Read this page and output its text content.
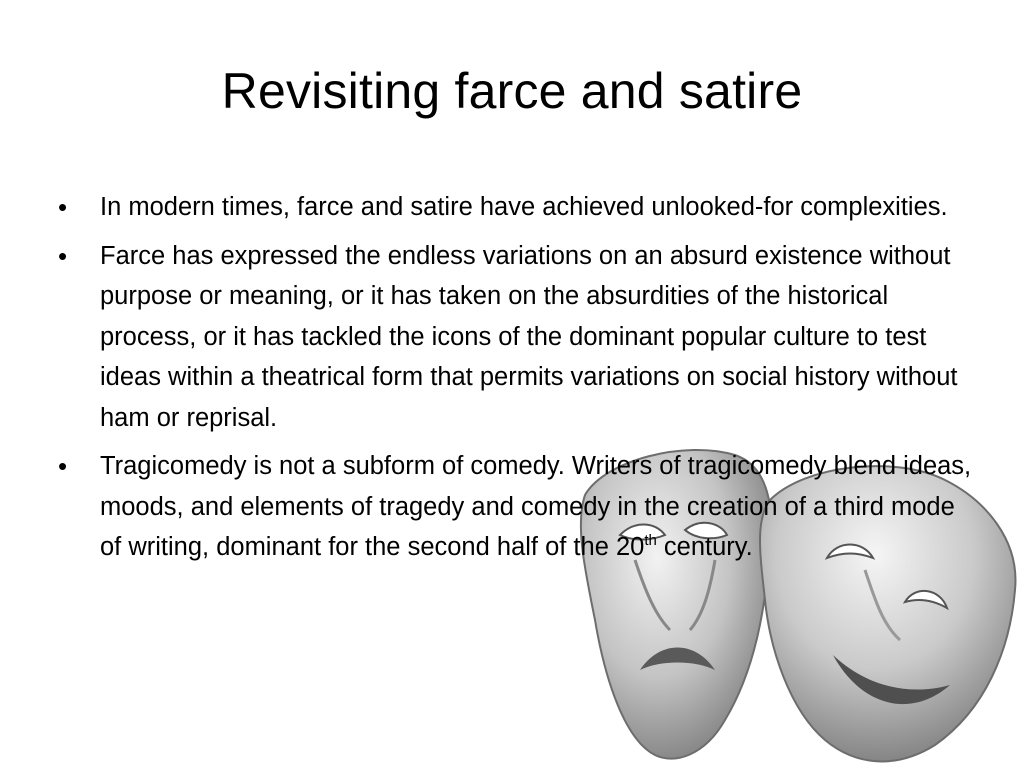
Revisiting farce and satire
• In modern times, farce and satire have achieved unlooked-for complexities.
• Farce has expressed the endless variations on an absurd existence without purpose or meaning, or it has taken on the absurdities of the historical process, or it has tackled the icons of the dominant popular culture to test ideas within a theatrical form that permits variations on social history without ham or reprisal.
• Tragicomedy is not a subform of comedy. Writers of tragicomedy blend ideas, moods, and elements of tragedy and comedy in the creation of a third mode of writing, dominant for the second half of the 20th century.
